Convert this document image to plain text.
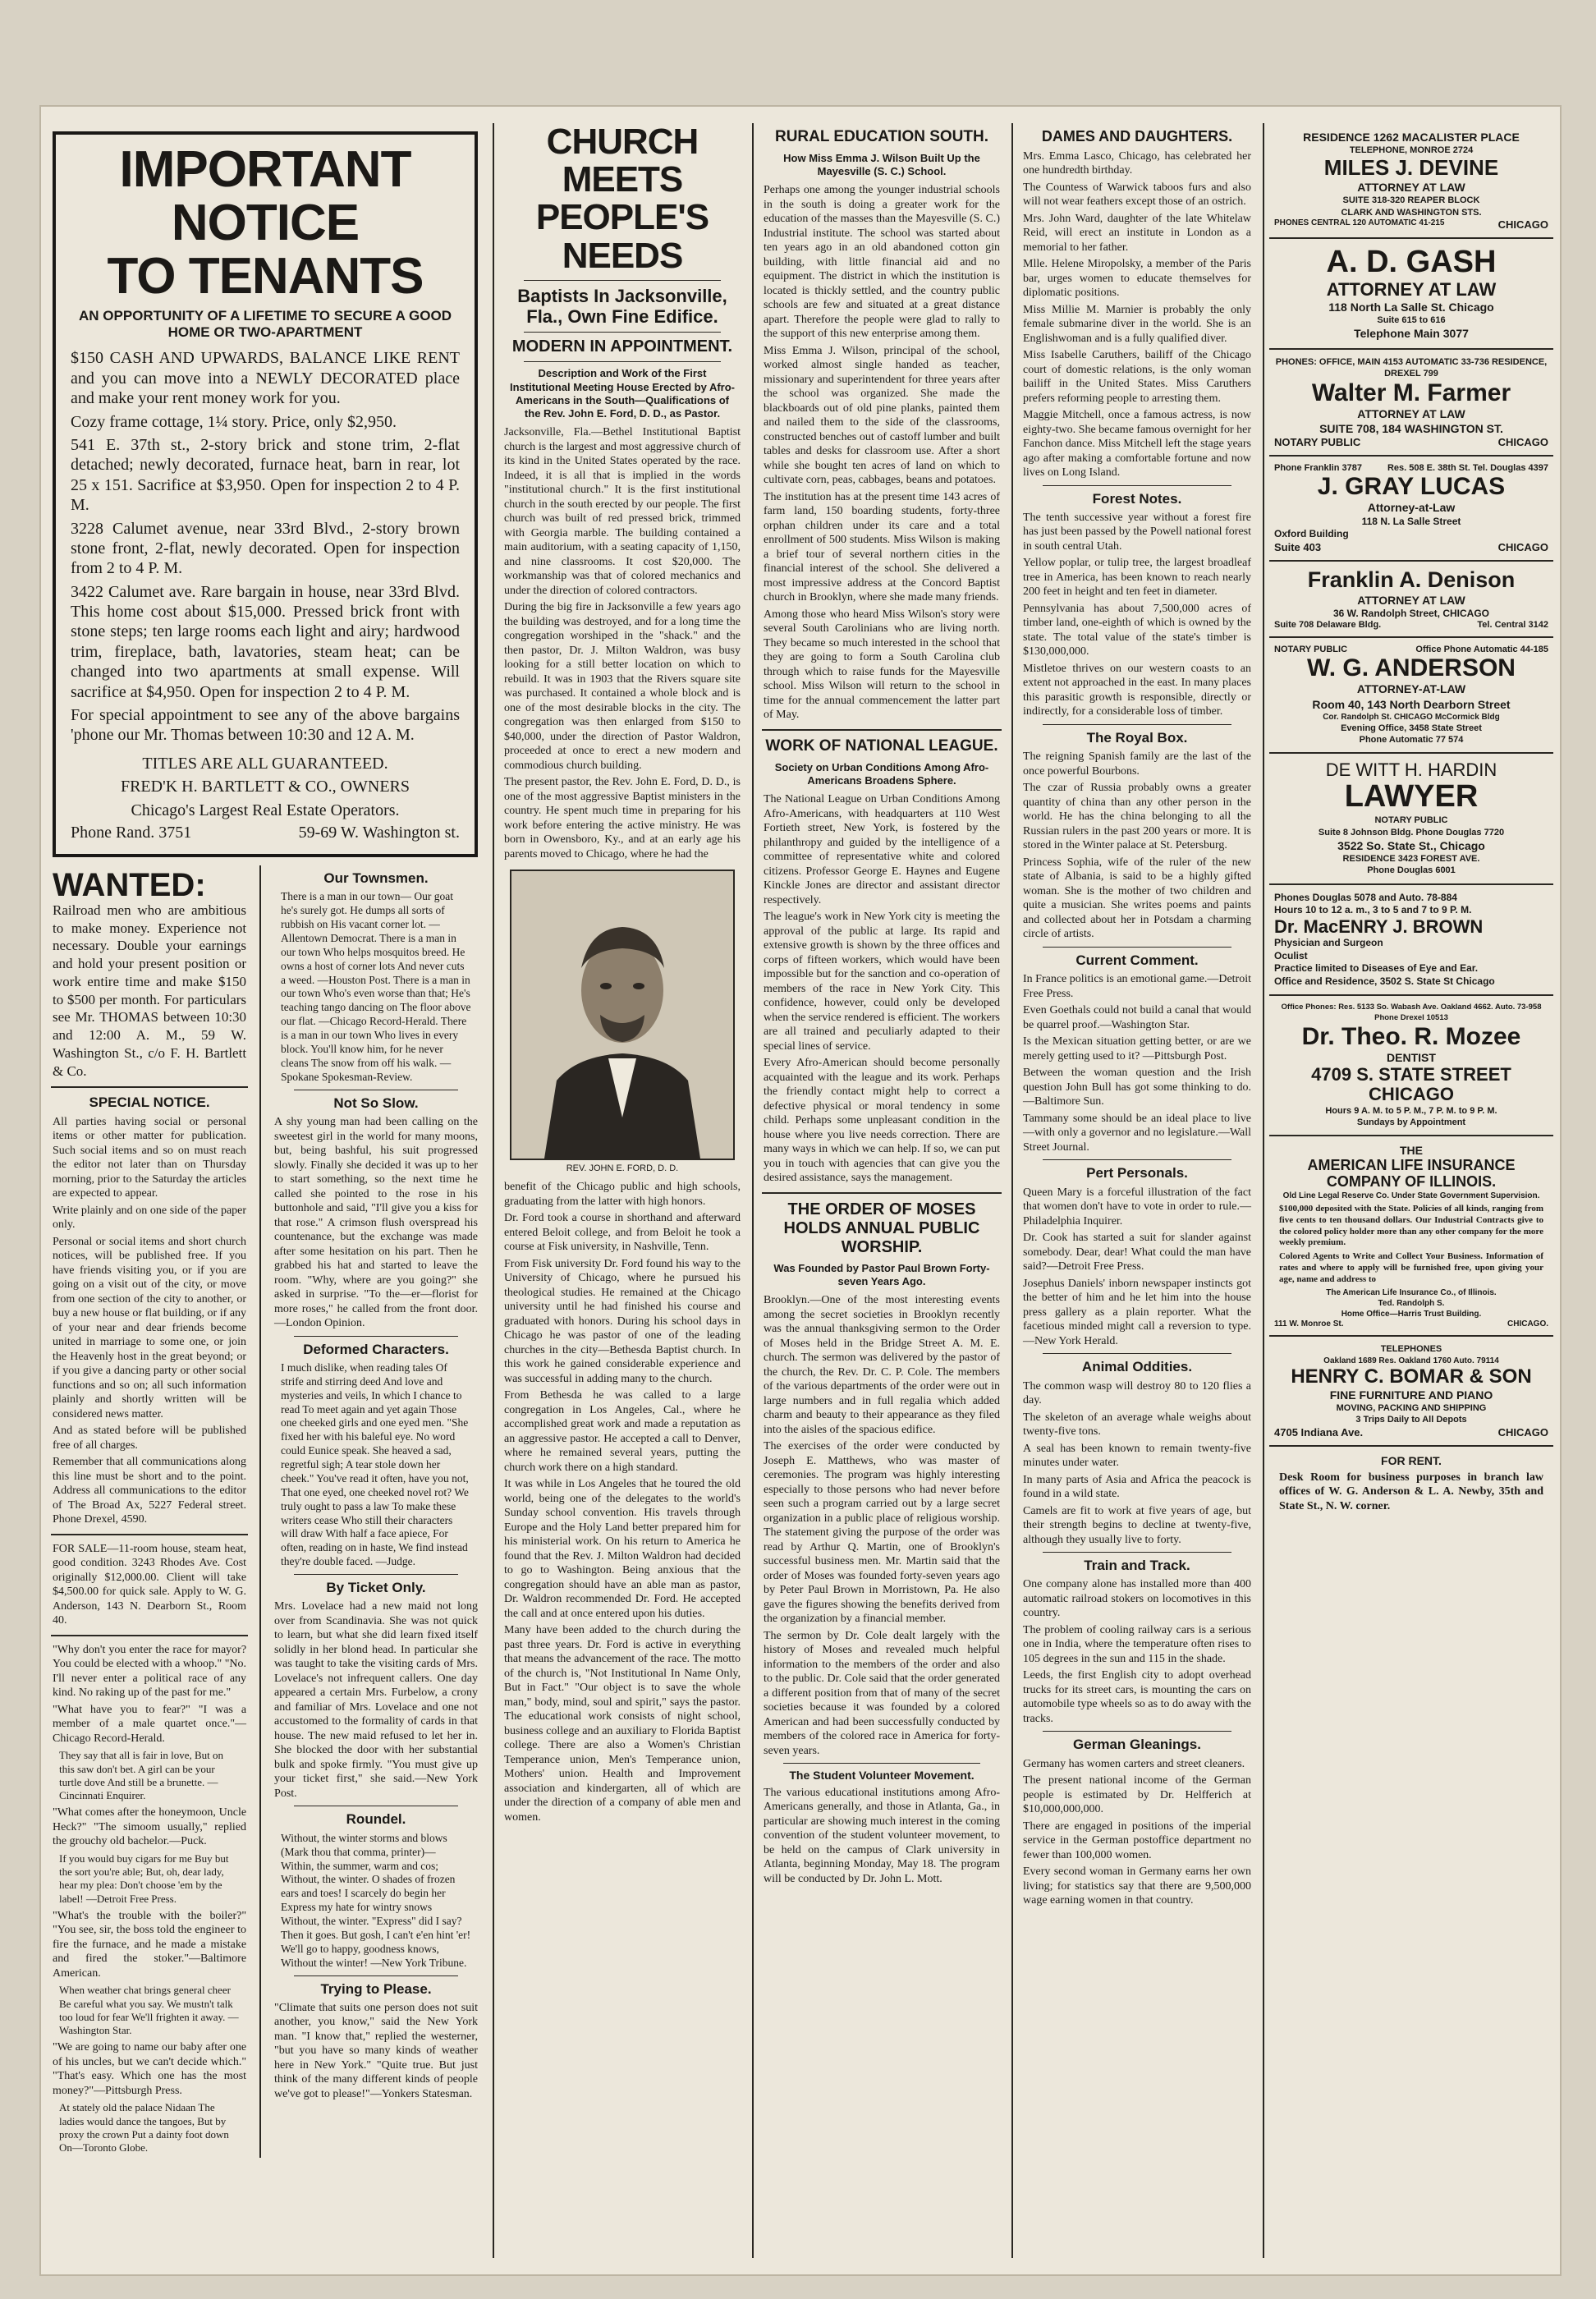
IMPORTANT NOTICE
TO TENANTS
AN OPPORTUNITY OF A LIFETIME TO SECURE A GOOD HOME OR TWO-APARTMENT
$150 CASH AND UPWARDS, BALANCE LIKE RENT and you can move into a NEWLY DECORATED place and make your rent money work for you.
Cozy frame cottage, 1¼ story. Price, only $2,950.
541 E. 37th st., 2-story brick and stone trim, 2-flat detached; newly decorated, furnace heat, barn in rear, lot 25 x 151. Sacrifice at $3,950. Open for inspection 2 to 4 P. M.
3228 Calumet avenue, near 33rd Blvd., 2-story brown stone front, 2-flat, newly decorated. Open for inspection from 2 to 4 P. M.
3422 Calumet ave. Rare bargain in house, near 33rd Blvd. This home cost about $15,000. Pressed brick front with stone steps; ten large rooms each light and airy; hardwood trim, fireplace, bath, lavatories, steam heat; can be changed into two apartments at small expense. Will sacrifice at $4,950. Open for inspection 2 to 4 P. M.
For special appointment to see any of the above bargains 'phone our Mr. Thomas between 10:30 and 12 A. M.
TITLES ARE ALL GUARANTEED.
FRED'K H. BARTLETT & CO., OWNERS
Chicago's Largest Real Estate Operators.
Phone Rand. 3751	59-69 W. Washington st.
WANTED:
Railroad men who are ambitious to make money. Experience not necessary. Double your earnings and hold your present position or work entire time and make $150 to $500 per month. For particulars see Mr. THOMAS between 10:30 and 12:00 A. M., 59 W. Washington St., c/o F. H. Bartlett & Co.
SPECIAL NOTICE.
All parties having social or personal items or other matter for publication. Such social items and so on must reach the editor not later than on Thursday morning, prior to the Saturday the articles are expected to appear.
Write plainly and on one side of the paper only.
Personal or social items and short church notices, will be published free. If you have friends visiting you, or if you are going on a visit out of the city, or move from one section of the city to another, or buy a new house or flat building, or if any of your near and dear friends become united in marriage to some one, or join the Heavenly host in the great beyond; or if you give a dancing party or other social functions and so on; all such information plainly and shortly written will be considered news matter.
And as stated before will be published free of all charges.
Remember that all communications along this line must be short and to the point. Address all communications to the editor of The Broad Ax, 5227 Federal street. Phone Drexel, 4590.
FOR SALE—11-room house, steam heat, good condition. 3243 Rhodes Ave. Cost originally $12,000.00. Client will take $4,500.00 for quick sale. Apply to W. G. Anderson, 143 N. Dearborn St., Room 40.
"Why don't you enter the race for mayor? You could be elected with a whoop." "No. I'll never enter a political race of any kind. No raking up of the past for me."
"What have you to fear?" "I was a member of a male quartet once."—Chicago Record-Herald.
They say that all is fair in love, But on this saw don't bet. A girl can be your turtle dove And still be a brunette. —Cincinnati Enquirer.
"What comes after the honeymoon, Uncle Heck?" "The simoom usually," replied the grouchy old bachelor.—Puck.
If you would buy cigars for me Buy but the sort you're able; But, oh, dear lady, hear my plea: Don't choose 'em by the label! —Detroit Free Press.
"What's the trouble with the boiler?" "You see, sir, the boss told the engineer to fire the furnace, and he made a mistake and fired the stoker."—Baltimore American.
When weather chat brings general cheer Be careful what you say. We mustn't talk too loud for fear We'll frighten it away. —Washington Star.
"We are going to name our baby after one of his uncles, but we can't decide which." "That's easy. Which one has the most money?"—Pittsburgh Press.
At stately old the palace Nidaan The ladies would dance the tangoes, But by proxy the crown Put a dainty foot down On—Toronto Globe.
Our Townsmen.
There is a man in our town— Our goat he's surely got. He dumps all sorts of rubbish on His vacant corner lot. —Allentown Democrat. There is a man in our town Who helps mosquitos breed. He owns a host of corner lots And never cuts a weed. —Houston Post. There is a man in our town Who's even worse than that; He's teaching tango dancing on The floor above our flat. —Chicago Record-Herald. There is a man in our town Who lives in every block. You'll know him, for he never cleans The snow from off his walk. —Spokane Spokesman-Review.
Not So Slow.
A shy young man had been calling on the sweetest girl in the world for many moons, but, being bashful, his suit progressed slowly. Finally she decided it was up to her to start something, so the next time he called she pointed to the rose in his buttonhole and said, "I'll give you a kiss for that rose." A crimson flush overspread his countenance, but the exchange was made after some hesitation on his part. Then he grabbed his hat and started to leave the room. "Why, where are you going?" she asked in surprise. "To the—er—florist for more roses," he called from the front door.—London Opinion.
Deformed Characters.
I much dislike, when reading tales Of strife and stirring deed And love and mysteries and veils, In which I chance to read To meet again and yet again Those one cheeked girls and one eyed men. "She fixed her with his baleful eye. No word could Eunice speak. She heaved a sad, regretful sigh; A tear stole down her cheek." You've read it often, have you not, That one eyed, one cheeked novel rot? We truly ought to pass a law To make these writers cease Who still their characters will draw With half a face apiece, For often, reading on in haste, We find instead they're double faced. —Judge.
By Ticket Only.
Mrs. Lovelace had a new maid not long over from Scandinavia. She was not quick to learn, but what she did learn fixed itself solidly in her blond head. In particular she was taught to take the visiting cards of Mrs. Lovelace's not infrequent callers. One day appeared a certain Mrs. Furbelow, a crony and familiar of Mrs. Lovelace and one not accustomed to the formality of cards in that house. The new maid refused to let her in. She blocked the door with her substantial bulk and spoke firmly. "You must give up your ticket first," she said.—New York Post.
Roundel.
Without, the winter storms and blows (Mark thou that comma, printer)— Within, the summer, warm and cos; Without, the winter. O shades of frozen ears and toes! I scarcely do begin her Express my hate for wintry snows Without, the winter. "Express" did I say? Then it goes. But gosh, I can't e'en hint 'er! We'll go to happy, goodness knows, Without the winter! —New York Tribune.
Trying to Please.
"Climate that suits one person does not suit another, you know," said the New York man. "I know that," replied the westerner, "but you have so many kinds of weather here in New York." "Quite true. But just think of the many different kinds of people we've got to please!"—Yonkers Statesman.
CHURCH MEETS
PEOPLE'S NEEDS
Baptists In Jacksonville, Fla., Own Fine Edifice.
MODERN IN APPOINTMENT.
Description and Work of the First Institutional Meeting House Erected by Afro-Americans in the South—Qualifications of the Rev. John E. Ford, D. D., as Pastor.
Jacksonville, Fla.—Bethel Institutional Baptist church is the largest and most aggressive church of its kind in the United States operated by the race. Indeed, it is all that is implied in the words "institutional church." It is the first institutional church in the south erected by our people. The first church was built of red pressed brick, trimmed with Georgia marble. The building contained a main auditorium, with a seating capacity of 1,150, and nine classrooms. It cost $20,000. The workmanship was that of colored mechanics and under the direction of colored contractors.
During the big fire in Jacksonville a few years ago the building was destroyed, and for a long time the congregation worshiped in the "shack." and the then pastor, Dr. J. Milton Waldron, was busy looking for a still better location on which to rebuild. It was in 1903 that the Rivers square site was purchased. It contained a whole block and is one of the most desirable blocks in the city. The congregation was then enlarged from $150 to $40,000, under the direction of Pastor Waldron, proceeded at once to erect a new modern and commodious church building.
The present pastor, the Rev. John E. Ford, D. D., is one of the most aggressive Baptist ministers in the country. He spent much time in preparing for his work before entering the active ministry. He was born in Owensboro, Ky., and at an early age his parents moved to Chicago, where he had the
REV. JOHN E. FORD, D. D.
benefit of the Chicago public and high schools, graduating from the latter with high honors.
Dr. Ford took a course in shorthand and afterward entered Beloit college, and from Beloit he took a course at Fisk university, in Nashville, Tenn.
From Fisk university Dr. Ford found his way to the University of Chicago, where he pursued his theological studies. He remained at the Chicago university until he had finished his course and graduated with honors. During his school days in Chicago he was pastor of one of the leading churches in the city—Bethesda Baptist church. In this work he gained considerable experience and was successful in adding many to the church.
From Bethesda he was called to a large congregation in Los Angeles, Cal., where he accomplished great work and made a reputation as an aggressive pastor. He accepted a call to Denver, where he remained several years, putting the church work there on a high standard.
It was while in Los Angeles that he toured the old world, being one of the delegates to the world's Sunday school convention. His travels through Europe and the Holy Land better prepared him for his ministerial work. On his return to America he found that the Rev. J. Milton Waldron had decided to go to Washington. Being anxious that the congregation should have an able man as pastor, Dr. Waldron recommended Dr. Ford. He accepted the call and at once entered upon his duties.
Many have been added to the church during the past three years. Dr. Ford is active in everything that means the advancement of the race. The motto of the church is, "Not Institutional In Name Only, But in Fact." "Our object is to save the whole man," body, mind, soul and spirit," says the pastor. The educational work consists of night school, business college and an auxiliary to Florida Baptist college. There are also a Women's Christian Temperance union, Men's Temperance union, Mothers' union. Health and Improvement association and kindergarten, all of which are under the direction of a company of able men and women.
RURAL EDUCATION SOUTH.
How Miss Emma J. Wilson Built Up the Mayesville (S. C.) School.
Perhaps one among the younger industrial schools in the south is doing a greater work for the education of the masses than the Mayesville (S. C.) Industrial institute. The school was started about ten years ago in an old abandoned cotton gin building, with little financial aid and no equipment. The district in which the institution is located is thickly settled, and the country public schools are few and situated at a great distance apart. Therefore the people were glad to rally to the support of this new enterprise among them.
Miss Emma J. Wilson, principal of the school, worked almost single handed as teacher, missionary and superintendent for three years after the school was organized. She made the blackboards out of old pine planks, painted them and nailed them to the side of the classrooms, constructed benches out of castoff lumber and built tables and desks for classroom use. After a short while she bought ten acres of land on which to cultivate corn, peas, cabbages, beans and potatoes.
The institution has at the present time 143 acres of farm land, 150 boarding students, forty-three orphan children under its care and a total enrollment of 500 students. Miss Wilson is making a brief tour of several northern cities in the financial interest of the school. She delivered a most impressive address at the Concord Baptist church in Brooklyn, where she made many friends.
Among those who heard Miss Wilson's story were several South Carolinians who are living north. They became so much interested in the school that they are going to form a South Carolina club through which to raise funds for the Mayesville school. Miss Wilson will return to the school in time for the annual commencement the latter part of May.
WORK OF NATIONAL LEAGUE.
Society on Urban Conditions Among Afro-Americans Broadens Sphere.
The National League on Urban Conditions Among Afro-Americans, with headquarters at 110 West Fortieth street, New York, is fostered by the philanthropy and guided by the intelligence of a committee of representative white and colored citizens. Professor George E. Haynes and Eugene Kinckle Jones are director and assistant director respectively.
The league's work in New York city is meeting the approval of the public at large. Its rapid and extensive growth is shown by the three offices and corps of fifteen workers, which would have been impossible but for the sanction and co-operation of members of the race in New York City. This confidence, however, could only be developed when the service rendered is efficient. The workers are all trained and peculiarly adapted to their special lines of service.
Every Afro-American should become personally acquainted with the league and its work. Perhaps the friendly contact might help to correct a defective physical or moral tendency in some child. Perhaps some unpleasant condition in the house where you live needs correction. There are many ways in which we can help. If so, we can put you in touch with agencies that can give you the desired assistance, says the management.
THE ORDER OF MOSES HOLDS ANNUAL PUBLIC WORSHIP.
Was Founded by Pastor Paul Brown Forty-seven Years Ago.
Brooklyn.—One of the most interesting events among the secret societies in Brooklyn recently was the annual thanksgiving sermon to the Order of Moses held in the Bridge Street A. M. E. church. The sermon was delivered by the pastor of the church, the Rev. Dr. C. P. Cole. The members of the various departments of the order were out in large numbers and in full regalia which added charm and beauty to their appearance as they filed into the aisles of the spacious edifice.
The exercises of the order were conducted by Joseph E. Matthews, who was master of ceremonies. The program was highly interesting especially to those persons who had never before seen such a program carried out by a large secret organization in a public place of religious worship. The statement giving the purpose of the order was read by Arthur Q. Martin, one of Brooklyn's successful business men. Mr. Martin said that the order of Moses was founded forty-seven years ago by Peter Paul Brown in Morristown, Pa. He also gave the figures showing the benefits derived from the organization by a financial member.
The sermon by Dr. Cole dealt largely with the history of Moses and revealed much helpful information to the members of the order and also to the public. Dr. Cole said that the order generated a different position from that of many of the secret societies because it was founded by a colored American and had been successfully conducted by members of the colored race in America for forty-seven years.
The Student Volunteer Movement.
The various educational institutions among Afro-Americans generally, and those in Atlanta, Ga., in particular are showing much interest in the coming convention of the student volunteer movement, to be held on the campus of Clark university in Atlanta, beginning Monday, May 18. The program will be conducted by Dr. John L. Mott.
DAMES AND DAUGHTERS.
Mrs. Emma Lasco, Chicago, has celebrated her one hundredth birthday.
The Countess of Warwick taboos furs and also will not wear feathers except those of an ostrich.
Mrs. John Ward, daughter of the late Whitelaw Reid, will erect an institute in London as a memorial to her father.
Mlle. Helene Miropolsky, a member of the Paris bar, urges women to educate themselves for diplomatic positions.
Miss Millie M. Marnier is probably the only female submarine diver in the world. She is an Englishwoman and is a fully qualified diver.
Miss Isabelle Caruthers, bailiff of the Chicago court of domestic relations, is the only woman bailiff in the United States. Miss Caruthers prefers reforming people to arresting them.
Maggie Mitchell, once a famous actress, is now eighty-two. She became famous overnight for her Fanchon dance. Miss Mitchell left the stage years ago after making a comfortable fortune and now lives on Long Island.
Forest Notes.
The tenth successive year without a forest fire has just been passed by the Powell national forest in south central Utah.
Yellow poplar, or tulip tree, the largest broadleaf tree in America, has been known to reach nearly 200 feet in height and ten feet in diameter.
Pennsylvania has about 7,500,000 acres of timber land, one-eighth of which is owned by the state. The total value of the state's timber is $130,000,000.
Mistletoe thrives on our western coasts to an extent not approached in the east. In many places this parasitic growth is responsible, directly or indirectly, for a considerable loss of timber.
The Royal Box.
The reigning Spanish family are the last of the once powerful Bourbons.
The czar of Russia probably owns a greater quantity of china than any other person in the world. He has the china belonging to all the Russian rulers in the past 200 years or more. It is stored in the Winter palace at St. Petersburg.
Princess Sophia, wife of the ruler of the new state of Albania, is said to be a highly gifted woman. She is the mother of two children and quite a musician. She writes poems and paints and collected about her in Potsdam a charming circle of artists.
Current Comment.
In France politics is an emotional game.—Detroit Free Press.
Even Goethals could not build a canal that would be quarrel proof.—Washington Star.
Is the Mexican situation getting better, or are we merely getting used to it? —Pittsburgh Post.
Between the woman question and the Irish question John Bull has got some thinking to do.—Baltimore Sun.
Tammany some should be an ideal place to live—with only a governor and no legislature.—Wall Street Journal.
Pert Personals.
Queen Mary is a forceful illustration of the fact that women don't have to vote in order to rule.—Philadelphia Inquirer.
Dr. Cook has started a suit for slander against somebody. Dear, dear! What could the man have said?—Detroit Free Press.
Josephus Daniels' inborn newspaper instincts got the better of him and he let him into the house press gallery as a plain reporter. What the facetious minded might call a reversion to type. —New York Herald.
Animal Oddities.
The common wasp will destroy 80 to 120 flies a day.
The skeleton of an average whale weighs about twenty-five tons.
A seal has been known to remain twenty-five minutes under water.
In many parts of Asia and Africa the peacock is found in a wild state.
Camels are fit to work at five years of age, but their strength begins to decline at twenty-five, although they usually live to forty.
Train and Track.
One company alone has installed more than 400 automatic railroad stokers on locomotives in this country.
The problem of cooling railway cars is a serious one in India, where the temperature often rises to 105 degrees in the sun and 115 in the shade.
Leeds, the first English city to adopt overhead trucks for its street cars, is mounting the cars on automobile type wheels so as to do away with the tracks.
German Gleanings.
Germany has women carters and street cleaners.
The present national income of the German people is estimated by Dr. Helfferich at $10,000,000,000.
There are engaged in positions of the imperial service in the German postoffice department no fewer than 100,000 women.
Every second woman in Germany earns her own living; for statistics say that there are 9,500,000 wage earning women in that country.
RESIDENCE 1262 MACALISTER PLACE
TELEPHONE, MONROE 2724
MILES J. DEVINE
ATTORNEY AT LAW
SUITE 318-320 REAPER BLOCK
CLARK AND WASHINGTON STS.
PHONES CENTRAL 120 AUTOMATIC 41-215	CHICAGO
A. D. GASH
ATTORNEY AT LAW
118 North La Salle St. Chicago
Suite 615 to 616
Telephone Main 3077
PHONES: OFFICE, MAIN 4153 AUTOMATIC 33-736 RESIDENCE, DREXEL 799
Walter M. Farmer
ATTORNEY AT LAW
SUITE 708, 184 WASHINGTON ST.
NOTARY PUBLIC	CHICAGO
Phone Franklin 3787	Res. 508 E. 38th St. Tel. Douglas 4397
J. GRAY LUCAS
Attorney-at-Law
118 N. La Salle Street
Oxford Building
Suite 403	CHICAGO
Franklin A. Denison
ATTORNEY AT LAW
36 W. Randolph Street, CHICAGO
Suite 708 Delaware Bldg.	Tel. Central 3142
NOTARY PUBLIC	Office Phone Automatic 44-185
W. G. ANDERSON
ATTORNEY-AT-LAW
Room 40, 143 North Dearborn Street
Cor. Randolph St. CHICAGO McCormick Bldg
Evening Office, 3458 State Street
Phone Automatic 77 574
DE WITT H. HARDIN
LAWYER
NOTARY PUBLIC
Suite 8 Johnson Bldg. Phone Douglas 7720
3522 So. State St., Chicago
RESIDENCE 3423 FOREST AVE.
Phone Douglas 6001
Phones Douglas 5078 and Auto. 78-884
Hours 10 to 12 a. m., 3 to 5 and 7 to 9 P. M.
Dr. MacENRY J. BROWN
Physician and Surgeon
Oculist
Practice limited to Diseases of Eye and Ear.
Office and Residence, 3502 S. State St Chicago
Office Phones: Res. 5133 So. Wabash Ave. Oakland 4662. Auto. 73-958 Phone Drexel 10513
Dr. Theo. R. Mozee
DENTIST
4709 S. STATE STREET
CHICAGO
Hours 9 A. M. to 5 P. M., 7 P. M. to 9 P. M.
Sundays by Appointment
THE
AMERICAN LIFE INSURANCE COMPANY OF ILLINOIS.
Old Line Legal Reserve Co. Under State Government Supervision.
$100,000 deposited with the State. Policies of all kinds, ranging from five cents to ten thousand dollars. Our Industrial Contracts give to the colored policy holder more than any other company for the more weekly premium.
Colored Agents to Write and Collect Your Business. Information of rates and where to apply will be furnished free, upon giving your age, name and address to
The American Life Insurance Co., of Illinois.
Ted. Randolph S.
Home Office—Harris Trust Building.
111 W. Monroe St.	CHICAGO.
TELEPHONES
Oakland 1689 Res. Oakland 1760 Auto. 79114
HENRY C. BOMAR & SON
FINE FURNITURE AND PIANO
MOVING, PACKING AND SHIPPING
3 Trips Daily to All Depots
4705 Indiana Ave.	CHICAGO
FOR RENT.
Desk Room for business purposes in branch law offices of W. G. Anderson & L. A. Newby, 35th and State St., N. W. corner.
